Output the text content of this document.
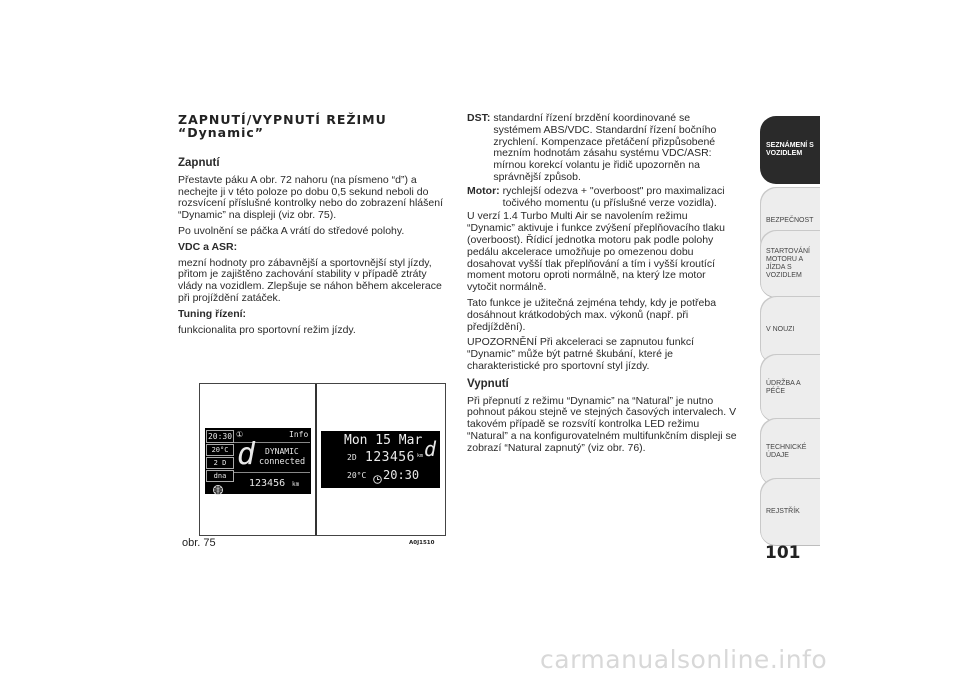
ZAPNUTÍ/VYPNUTÍ REŽIMU
“Dynamic”
Zapnutí

Přestavte páku A obr. 72 nahoru (na písmeno “d”) a nechejte ji v této poloze po dobu 0,5 sekund neboli do rozsvícení příslušné kontrolky nebo do zobrazení hlášení “Dynamic” na displeji (viz obr. 75).

Po uvolnění se páčka A vrátí do středové polohy.

VDC a ASR:

mezní hodnoty pro zábavnější a sportovnější styl jízdy, přitom je zajištěno zachování stability v případě ztráty vlády na vozidlem. Zlepšuje se náhon během akcelerace při projíždění zatáček.

Tuning řízení:

funkcionalita pro sportovní režim jízdy.

DST: standardní řízení brzdění koordinované se systémem ABS/VDC. Standardní řízení bočního zrychlení. Kompenzace přetáčení přizpůsobené mezním hodnotám zásahu systému VDC/ASR: mírnou korekcí volantu je řidič upozorněn na správnější způsob.
Motor: rychlejší odezva + "overboost" pro maximalizaci točivého momentu (u příslušné verze vozidla).

U verzí 1.4 Turbo Multi Air se navolením režimu “Dynamic” aktivuje i funkce zvýšení přeplňovacího tlaku (overboost). Řídicí jednotka motoru pak podle polohy pedálu akcelerace umožňuje po omezenou dobu dosahovat vyšší tlak přeplňování a tím i vyšší kroutící moment motoru oproti normálně, na který lze motor vytočit normálně.

Tato funkce je užitečná zejména tehdy, kdy je potřeba dosáhnout krátkodobých max. výkonů (např. při předjíždění).

UPOZORNĚNÍ Při akceleraci se zapnutou funkcí “Dynamic” může být patrné škubání, které je charakteristické pro sportovní styl jízdy.

Vypnutí

Při přepnutí z režimu “Dynamic” na “Natural” je nutno pohnout pákou stejně ve stejných časových intervalech. V takovém případě se rozsvítí kontrolka LED režimu “Natural” a na konfigurovatelném multifunkčním displeji se zobrazí “Natural zapnutý” (viz obr. 76).

20:30 ①	Info
20°C
2 D
dna
d DYNAMIC
connected
123456 km
Mon 15 Mar
2D 123456 km d
20°C 20:30
obr. 75	A0J1510
SEZNÁMENÍ S VOZIDLEM
BEZPEČNOST
STARTOVÁNÍ MOTORU A JÍZDA S VOZIDLEM
V NOUZI
ÚDRŽBA A PÉČE
TECHNICKÉ ÚDAJE
REJSTŘÍK
101
carmanualsonline.info
